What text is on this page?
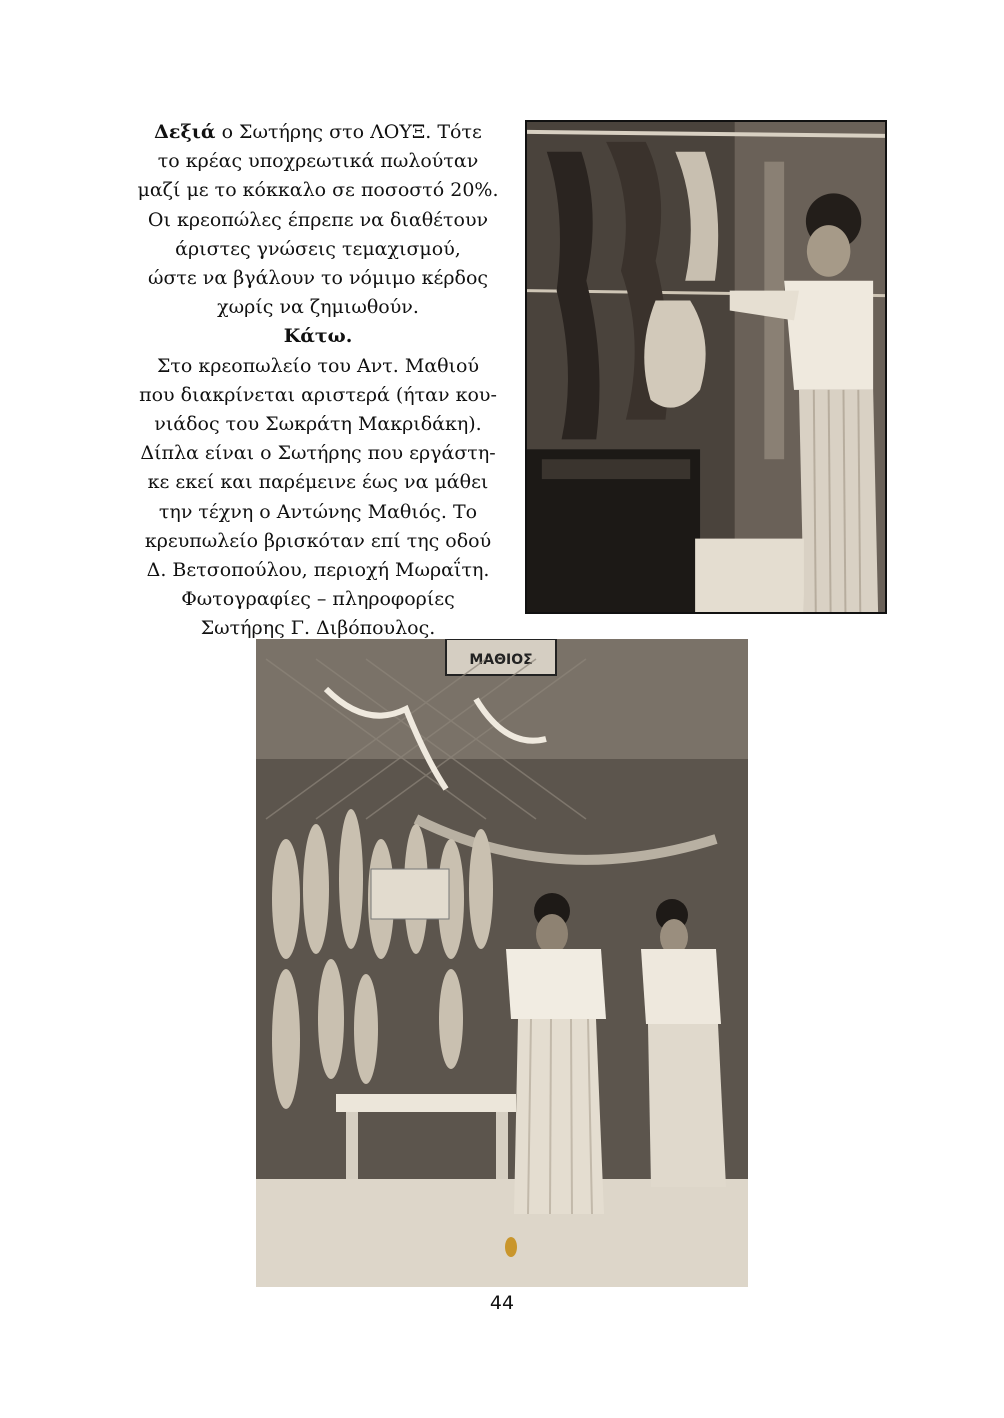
Δεξιά ο Σωτήρης στο ΛΟΥΞ. Τότε
το κρέας υποχρεωτικά πωλούταν
μαζί με το κόκκαλο σε ποσοστό 20%.
Οι κρεοπώλες έπρεπε να διαθέτουν
άριστες γνώσεις τεμαχισμού,
ώστε να βγάλουν το νόμιμο κέρδος
χωρίς να ζημιωθούν.
Κάτω.
Στο κρεοπωλείο του Αντ. Μαθιού
που διακρίνεται αριστερά (ήταν κου-
νιάδος του Σωκράτη Μακριδάκη).
Δίπλα είναι ο Σωτήρης που εργάστη-
κε εκεί και παρέμεινε έως να μάθει
την τέχνη ο Αντώνης Μαθιός. Το
κρευπωλείο βρισκόταν επί της οδού
Δ. Βετσοπούλου, περιοχή Μωραΐτη.
Φωτογραφίες – πληροφορίες
Σωτήρης Γ. Διβόπουλος.
ΜΑΘΙΟΣ
44
